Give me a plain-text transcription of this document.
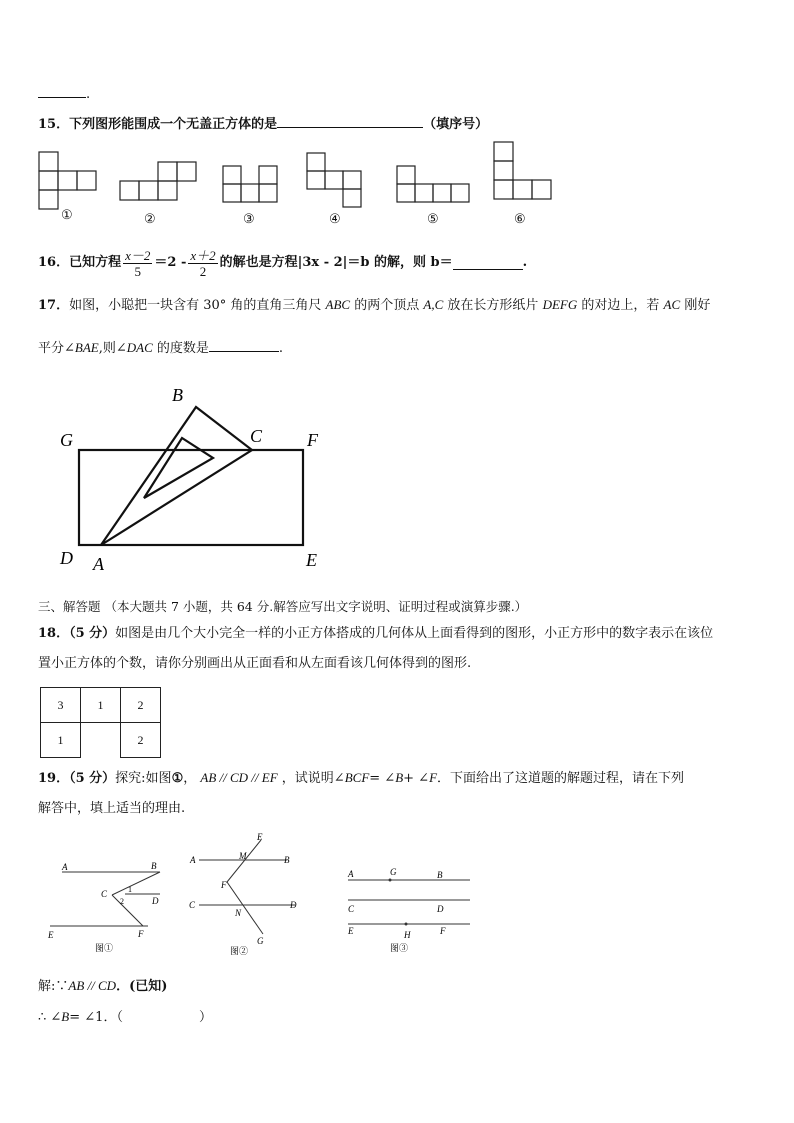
.
15．下列图形能围成一个无盖正方体的是	（填序号）
①	②	③	④	⑤	⑥
16． 已知方程 $\frac{x-2}{5} =2 - \frac{x+2}{2}$ 的解也是方程|3x - 2|＝b 的解，则 b＝	.
17．如图，小聪把一块含有 30° 角的直角三角尺 ABC 的两个顶点 A,C 放在长方形纸片 DEFG 的对边上，若 AC 刚好
平分∠BAE,则∠DAC 的度数是	.
B
G	C F
D A	E
三、解答题 （本大题共 7 小题，共 64 分.解答应写出文字说明、证明过程或演算步骤.）
18．（5 分）如图是由几个大小完全一样的小正方体搭成的几何体从上面看得到的图形，小正方形中的数字表示在该位
置小正方体的个数，请你分别画出从正面看和从左面看该几何体得到的图形.
3	1	2
1		2
19．（5 分）探究:如图①， AB // CD // EF ，试说明∠BCF= ∠B+ ∠F．下面给出了这道题的解题过程，请在下列
解答中，填上适当的理由.
A	B
C	1
2	D
E	F
图①
E
A	M	B
F
C
N
D
G
图②
A	G	B
C	D
E	H	F
图③
解:∵AB // CD．(已知)
∴ ∠B= ∠1．（	）
